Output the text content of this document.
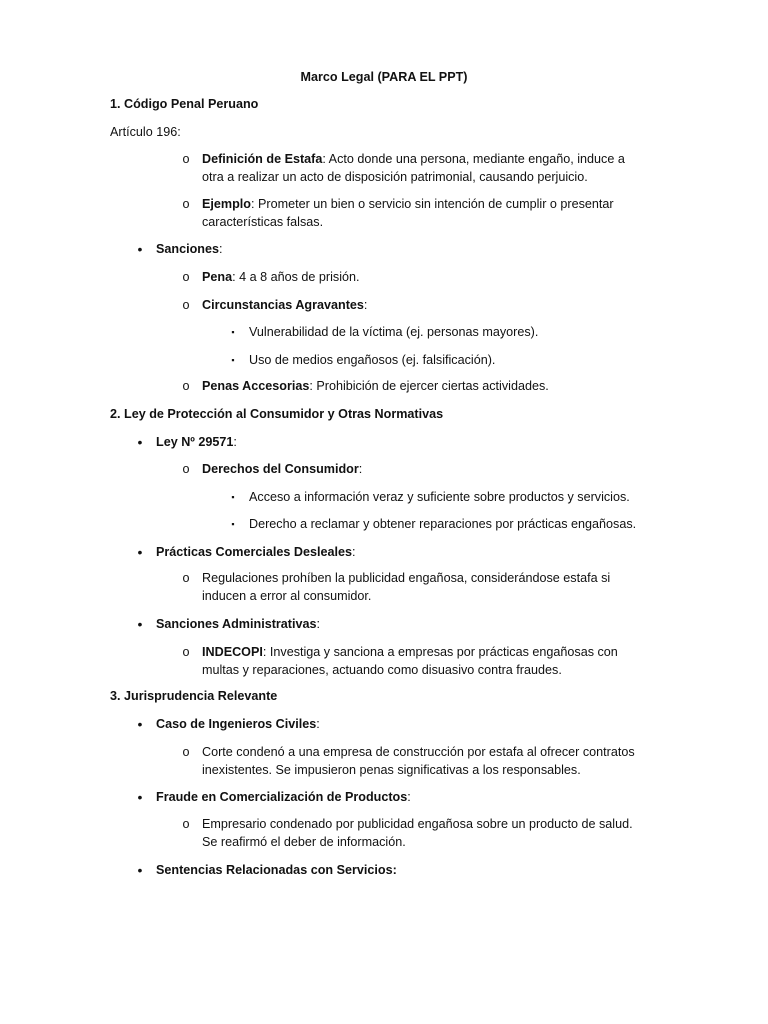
Marco Legal (PARA EL PPT)
1. Código Penal Peruano
Artículo 196:
o Definición de Estafa: Acto donde una persona, mediante engaño, induce a
otra a realizar un acto de disposición patrimonial, causando perjuicio.
o Ejemplo: Prometer un bien o servicio sin intención de cumplir o presentar
características falsas.
•	Sanciones:
o Pena: 4 a 8 años de prisión.
o Circunstancias Agravantes:
▪	Vulnerabilidad de la víctima (ej. personas mayores).
▪	Uso de medios engañosos (ej. falsificación).
o Penas Accesorias: Prohibición de ejercer ciertas actividades.
2. Ley de Protección al Consumidor y Otras Normativas
•	Ley Nº 29571:
o Derechos del Consumidor:
▪	Acceso a información veraz y suficiente sobre productos y servicios.
▪	Derecho a reclamar y obtener reparaciones por prácticas engañosas.
•	Prácticas Comerciales Desleales:
o Regulaciones prohíben la publicidad engañosa, considerándose estafa si
inducen a error al consumidor.
•	Sanciones Administrativas:
o INDECOPI: Investiga y sanciona a empresas por prácticas engañosas con
multas y reparaciones, actuando como disuasivo contra fraudes.
3. Jurisprudencia Relevante
•	Caso de Ingenieros Civiles:
o Corte condenó a una empresa de construcción por estafa al ofrecer contratos
inexistentes. Se impusieron penas significativas a los responsables.
•	Fraude en Comercialización de Productos:
o Empresario condenado por publicidad engañosa sobre un producto de salud.
Se reafirmó el deber de información.
•	Sentencias Relacionadas con Servicios:
